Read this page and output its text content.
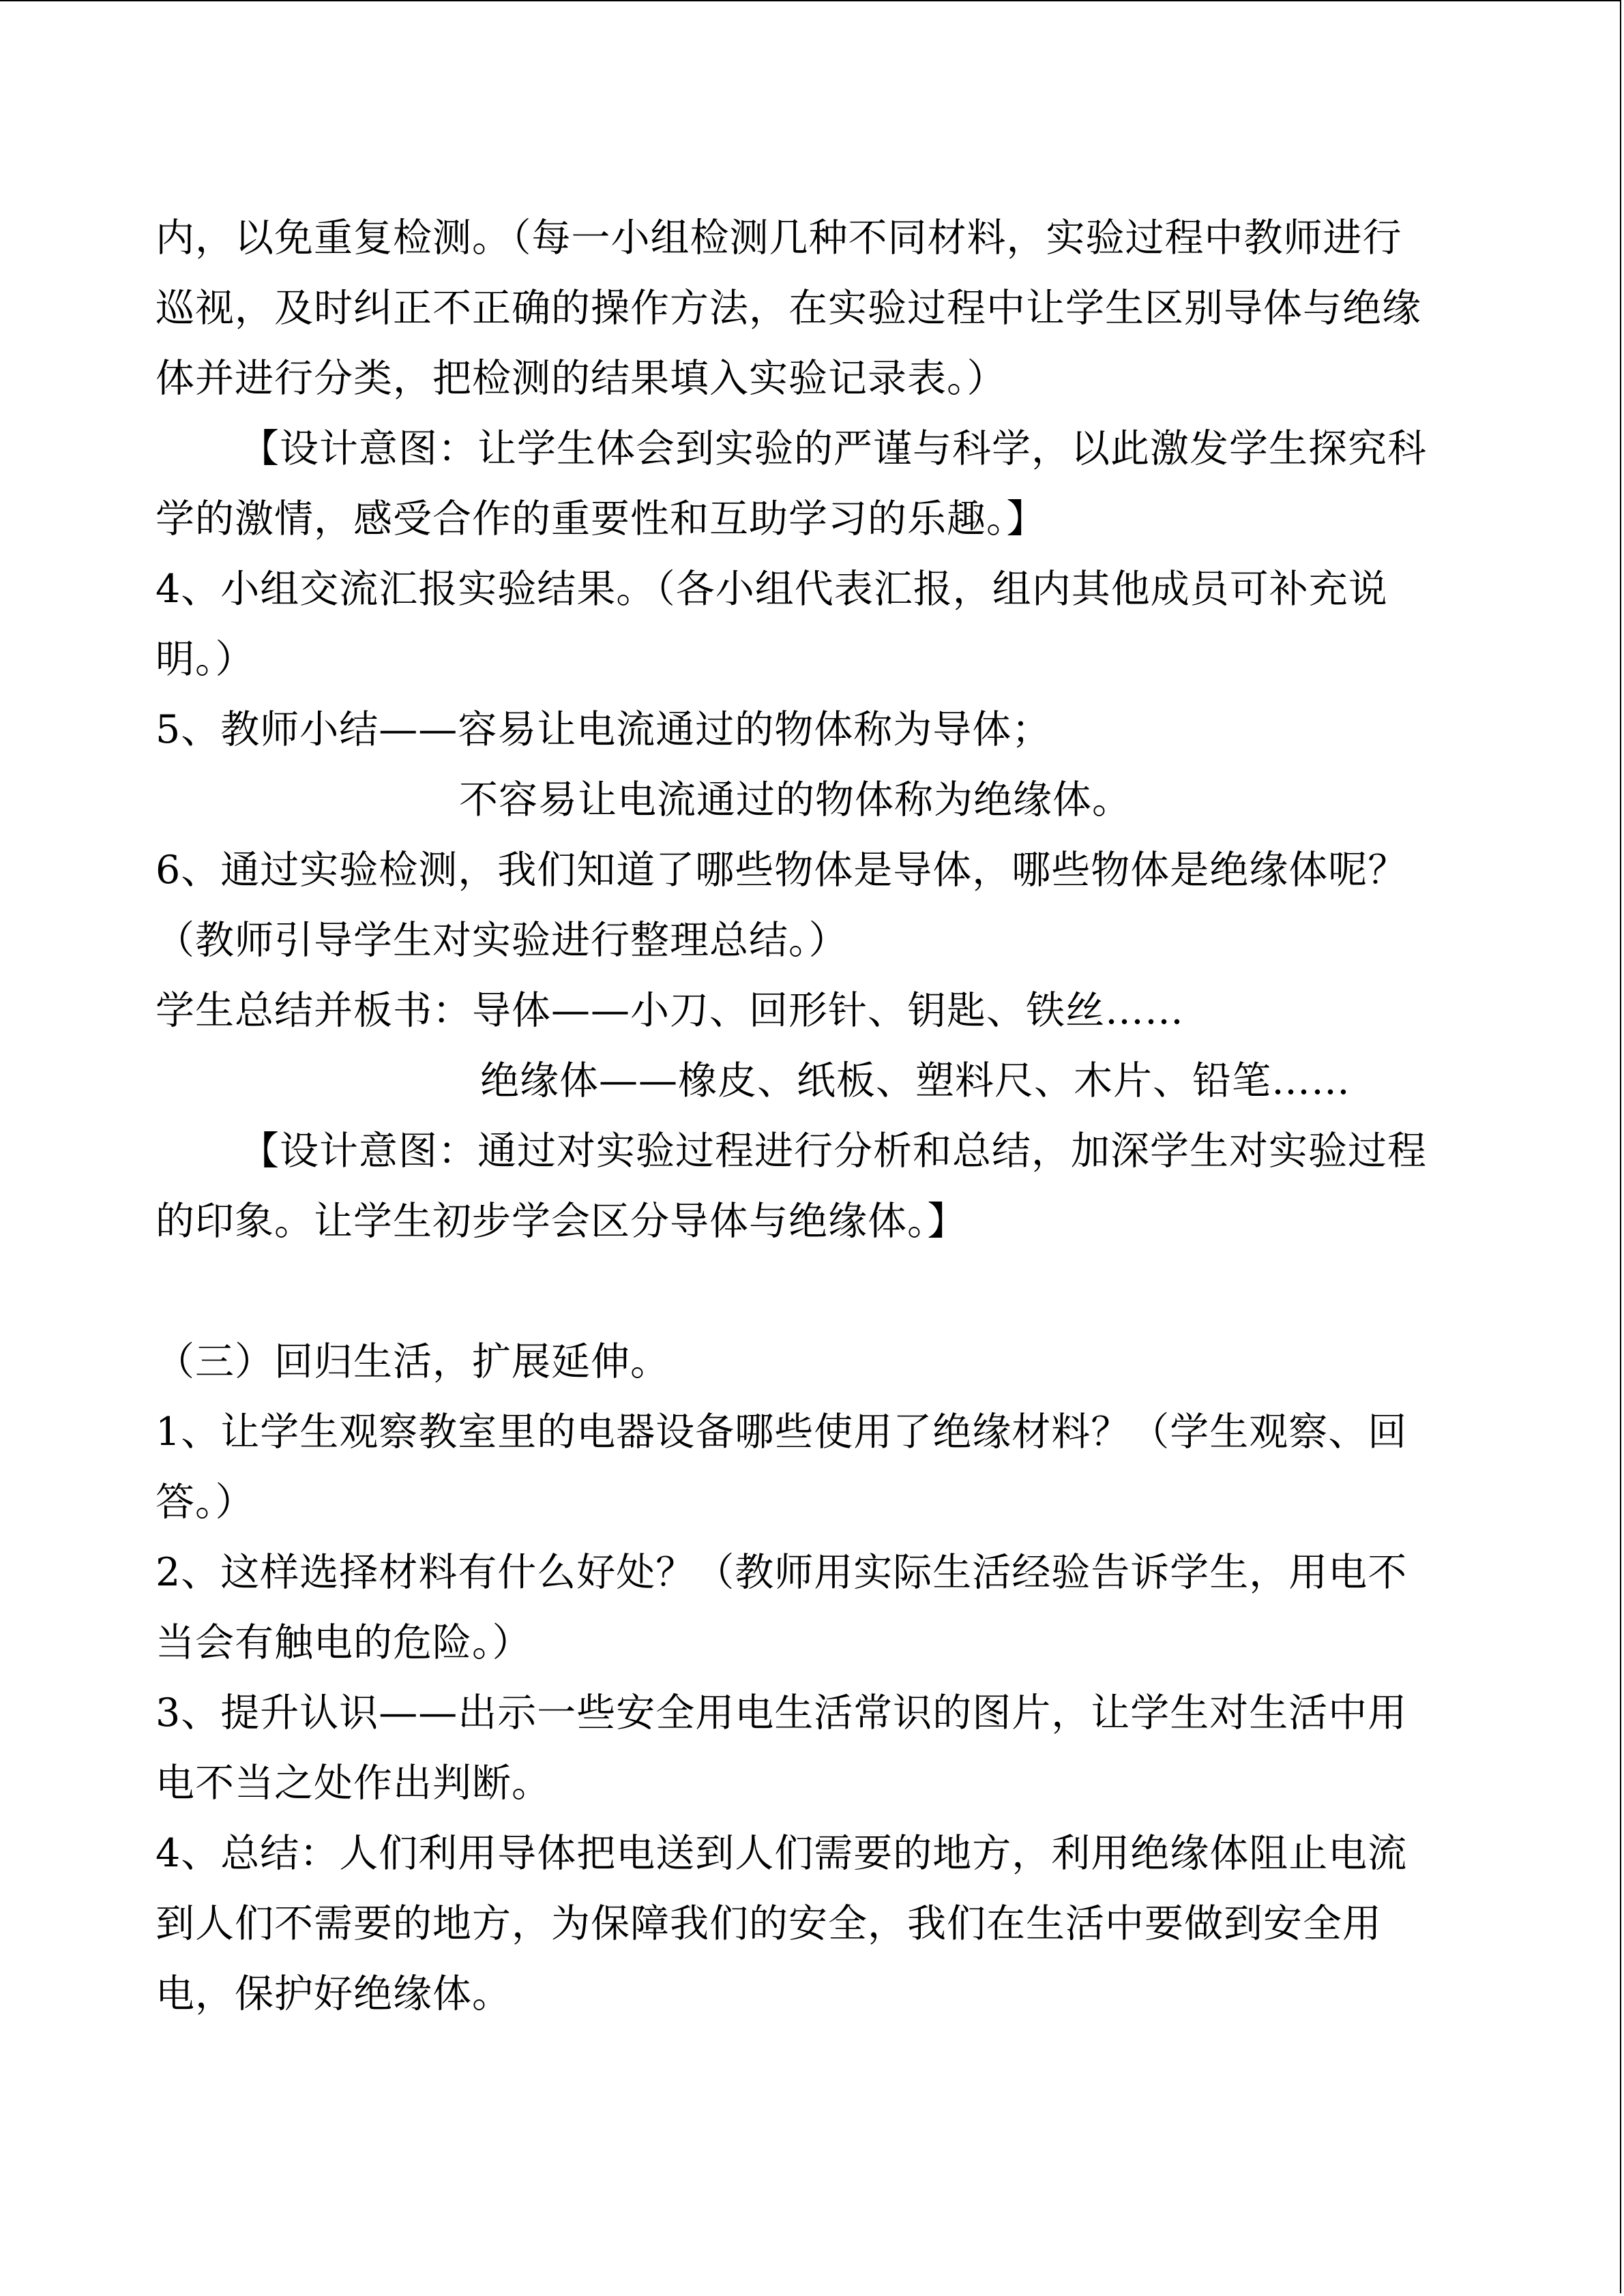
内，以免重复检测。（每一小组检测几种不同材料，实验过程中教师进行

巡视，及时纠正不正确的操作方法，在实验过程中让学生区别导体与绝缘

体并进行分类，把检测的结果填入实验记录表。）

【设计意图：让学生体会到实验的严谨与科学，以此激发学生探究科

学的激情，感受合作的重要性和互助学习的乐趣。】

4、小组交流汇报实验结果。（各小组代表汇报，组内其他成员可补充说

明。）

5、教师小结——容易让电流通过的物体称为导体；

不容易让电流通过的物体称为绝缘体。

6、通过实验检测，我们知道了哪些物体是导体，哪些物体是绝缘体呢？

（教师引导学生对实验进行整理总结。）

学生总结并板书：导体——小刀、回形针、钥匙、铁丝……

绝缘体——橡皮、纸板、塑料尺、木片、铅笔……

【设计意图：通过对实验过程进行分析和总结，加深学生对实验过程

的印象。让学生初步学会区分导体与绝缘体。】

（三）回归生活，扩展延伸。

1、让学生观察教室里的电器设备哪些使用了绝缘材料？（学生观察、回

答。）

2、这样选择材料有什么好处？（教师用实际生活经验告诉学生，用电不

当会有触电的危险。）

3、提升认识——出示一些安全用电生活常识的图片，让学生对生活中用

电不当之处作出判断。

4、总结：人们利用导体把电送到人们需要的地方，利用绝缘体阻止电流

到人们不需要的地方，为保障我们的安全，我们在生活中要做到安全用

电，保护好绝缘体。
